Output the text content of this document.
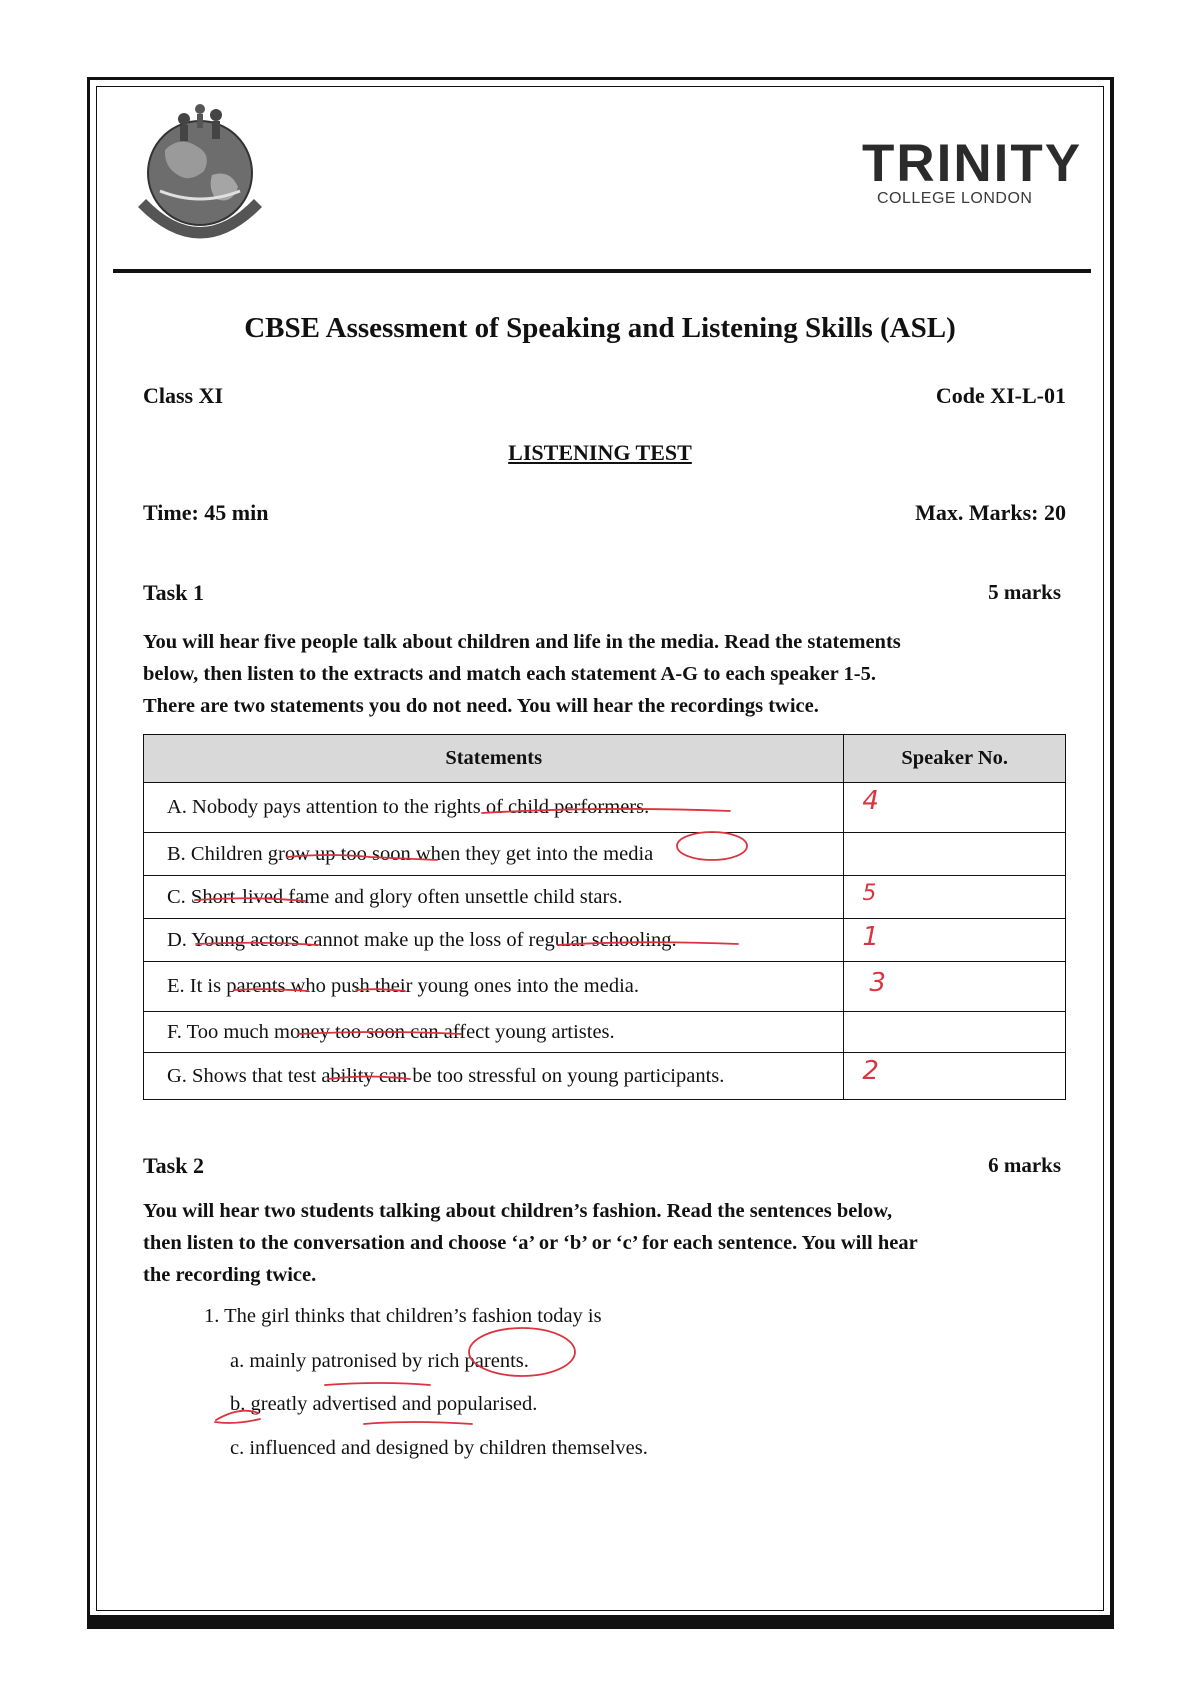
TRINITY
COLLEGE LONDON
CBSE Assessment of Speaking and Listening Skills (ASL)
Class XI	Code XI-L-01
LISTENING TEST
Time: 45 min	Max. Marks: 20
Task 1	5 marks
You will hear five people talk about children and life in the media. Read the statements
below, then listen to the extracts and match each statement A-G to each speaker 1-5.
There are two statements you do not need. You will hear the recordings twice.
Statements	Speaker No.
A. Nobody pays attention to the rights of child performers.	4

B. Children grow up too soon when they get into the media	

C. Short-lived fame and glory often unsettle child stars.	5

D. Young actors cannot make up the loss of regular schooling.	1

E. It is parents who push their young ones into the media.	3

F. Too much money too soon can affect young artistes.	

G. Shows that test ability can be too stressful on young participants.	2
Task 2	6 marks
You will hear two students talking about children’s fashion. Read the sentences below,
then listen to the conversation and choose ‘a’ or ‘b’ or ‘c’ for each sentence. You will hear
the recording twice.
1. The girl thinks that children’s fashion today is
a. mainly patronised by rich parents.
b. greatly advertised and popularised.
c. influenced and designed by children themselves.
